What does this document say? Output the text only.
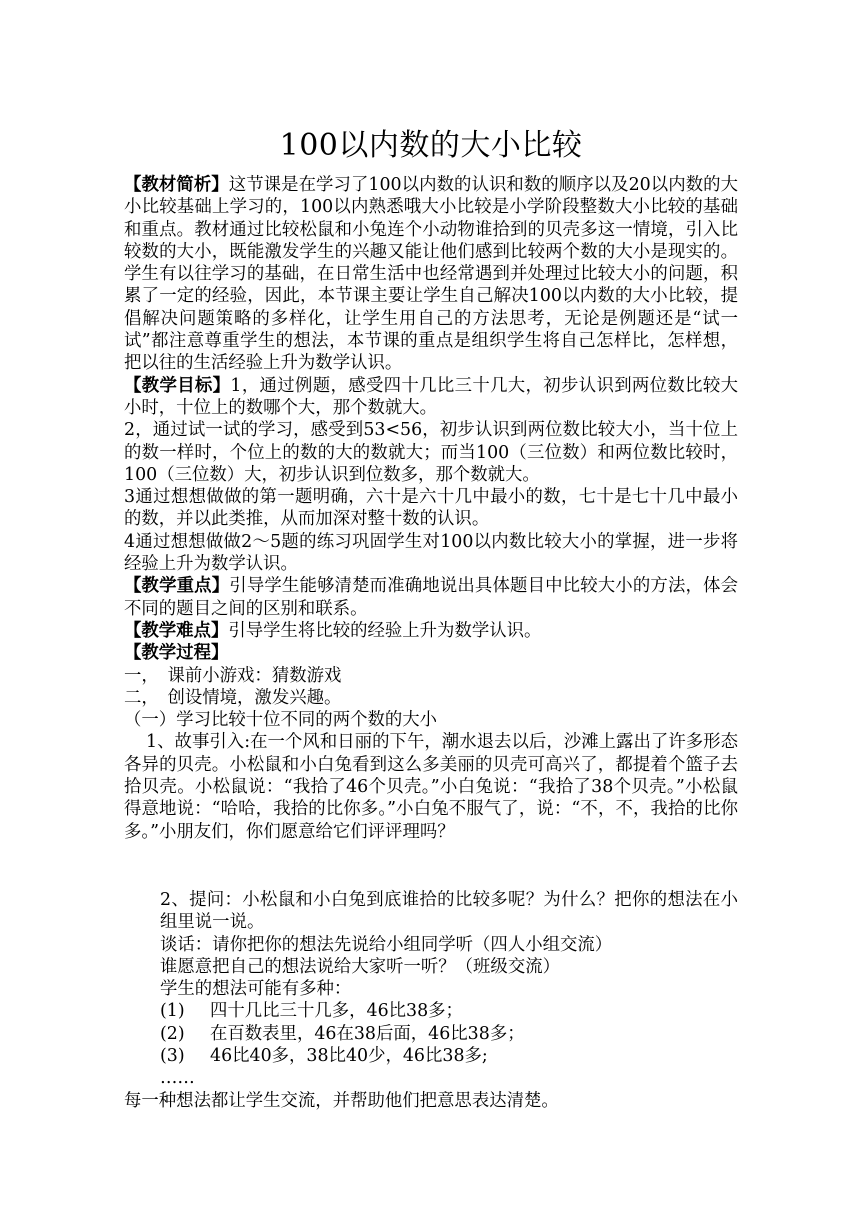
100以内数的大小比较

【教材简析】这节课是在学习了100以内数的认识和数的顺序以及20以内数的大小比较基础上学习的，100以内熟悉哦大小比较是小学阶段整数大小比较的基础和重点。教材通过比较松鼠和小兔连个小动物谁拾到的贝壳多这一情境，引入比较数的大小，既能激发学生的兴趣又能让他们感到比较两个数的大小是现实的。学生有以往学习的基础，在日常生活中也经常遇到并处理过比较大小的问题，积累了一定的经验，因此，本节课主要让学生自己解决100以内数的大小比较，提倡解决问题策略的多样化，让学生用自己的方法思考，无论是例题还是“试一试”都注意尊重学生的想法，本节课的重点是组织学生将自己怎样比，怎样想，把以往的生活经验上升为数学认识。

【教学目标】1，通过例题，感受四十几比三十几大，初步认识到两位数比较大小时，十位上的数哪个大，那个数就大。

2，通过试一试的学习，感受到53<56，初步认识到两位数比较大小，当十位上的数一样时，个位上的数的大的数就大；而当100（三位数）和两位数比较时，100（三位数）大，初步认识到位数多，那个数就大。

3通过想想做做的第一题明确，六十是六十几中最小的数，七十是七十几中最小的数，并以此类推，从而加深对整十数的认识。

4通过想想做做2～5题的练习巩固学生对100以内数比较大小的掌握，进一步将经验上升为数学认识。

【教学重点】引导学生能够清楚而准确地说出具体题目中比较大小的方法，体会不同的题目之间的区别和联系。

【教学难点】引导学生将比较的经验上升为数学认识。

【教学过程】

一，　课前小游戏：猜数游戏

二，　创设情境，激发兴趣。

（一）学习比较十位不同的两个数的大小

1、故事引入:在一个风和日丽的下午，潮水退去以后，沙滩上露出了许多形态各异的贝壳。小松鼠和小白兔看到这么多美丽的贝壳可高兴了，都提着个篮子去拾贝壳。小松鼠说：“我拾了46个贝壳。”小白兔说：“我拾了38个贝壳。”小松鼠得意地说：“哈哈，我拾的比你多。”小白兔不服气了，说：“不，不，我拾的比你多。”小朋友们，你们愿意给它们评评理吗？

2、提问：小松鼠和小白兔到底谁拾的比较多呢？为什么？把你的想法在小组里说一说。

谈话：请你把你的想法先说给小组同学听（四人小组交流）

谁愿意把自己的想法说给大家听一听？（班级交流）

学生的想法可能有多种：

(1)	四十几比三十几多，46比38多；
(2)	在百数表里，46在38后面，46比38多；
(3)	46比40多，38比40少，46比38多;

……

每一种想法都让学生交流，并帮助他们把意思表达清楚。
